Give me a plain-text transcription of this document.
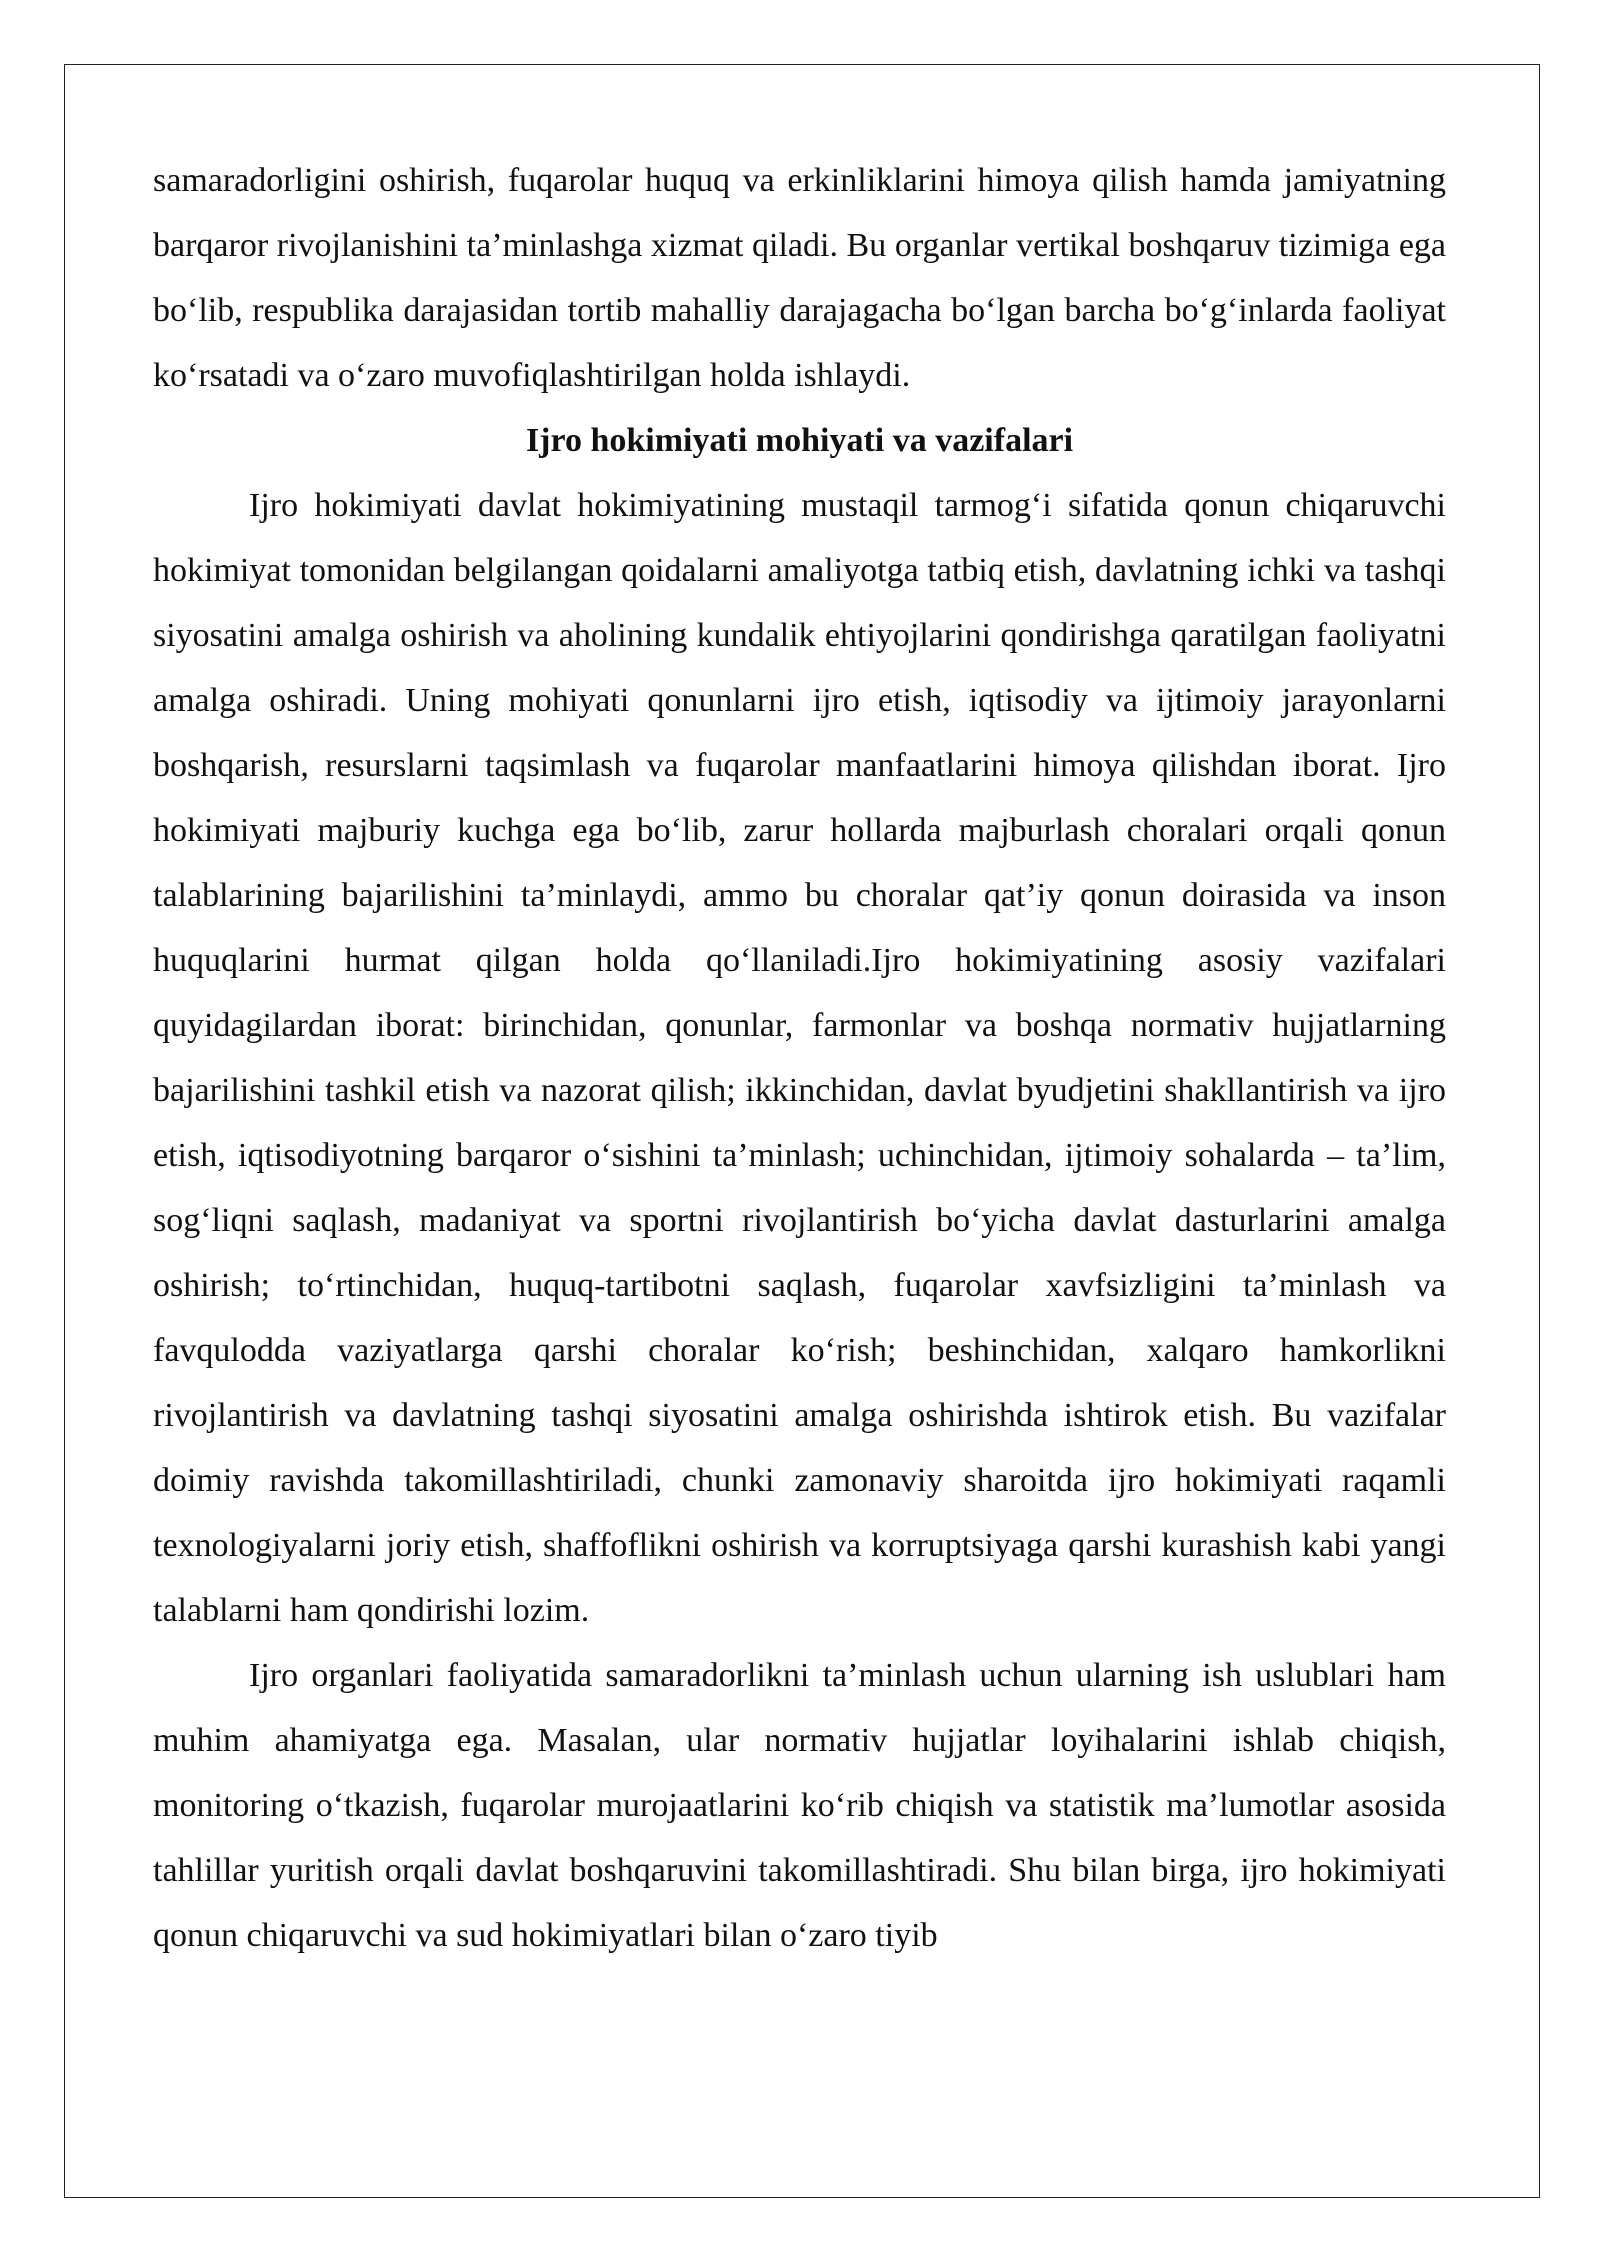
samaradorligini oshirish, fuqarolar huquq va erkinliklarini himoya qilish hamda jamiyatning barqaror rivojlanishini ta’minlashga xizmat qiladi. Bu organlar vertikal boshqaruv tizimiga ega bo‘lib, respublika darajasidan tortib mahalliy darajagacha bo‘lgan barcha bo‘g‘inlarda faoliyat ko‘rsatadi va o‘zaro muvofiqlashtirilgan holda ishlaydi.

Ijro hokimiyati mohiyati va vazifalari

Ijro hokimiyati davlat hokimiyatining mustaqil tarmog‘i sifatida qonun chiqaruvchi hokimiyat tomonidan belgilangan qoidalarni amaliyotga tatbiq etish, davlatning ichki va tashqi siyosatini amalga oshirish va aholining kundalik ehtiyojlarini qondirishga qaratilgan faoliyatni amalga oshiradi. Uning mohiyati qonunlarni ijro etish, iqtisodiy va ijtimoiy jarayonlarni boshqarish, resurslarni taqsimlash va fuqarolar manfaatlarini himoya qilishdan iborat. Ijro hokimiyati majburiy kuchga ega bo‘lib, zarur hollarda majburlash choralari orqali qonun talablarining bajarilishini ta’minlaydi, ammo bu choralar qat’iy qonun doirasida va inson huquqlarini hurmat qilgan holda qo‘llaniladi.Ijro hokimiyatining asosiy vazifalari quyidagilardan iborat: birinchidan, qonunlar, farmonlar va boshqa normativ hujjatlarning bajarilishini tashkil etish va nazorat qilish; ikkinchidan, davlat byudjetini shakllantirish va ijro etish, iqtisodiyotning barqaror o‘sishini ta’minlash; uchinchidan, ijtimoiy sohalarda – ta’lim, sog‘liqni saqlash, madaniyat va sportni rivojlantirish bo‘yicha davlat dasturlarini amalga oshirish; to‘rtinchidan, huquq-tartibotni saqlash, fuqarolar xavfsizligini ta’minlash va favqulodda vaziyatlarga qarshi choralar ko‘rish; beshinchidan, xalqaro hamkorlikni rivojlantirish va davlatning tashqi siyosatini amalga oshirishda ishtirok etish. Bu vazifalar doimiy ravishda takomillashtiriladi, chunki zamonaviy sharoitda ijro hokimiyati raqamli texnologiyalarni joriy etish, shaffoflikni oshirish va korruptsiyaga qarshi kurashish kabi yangi talablarni ham qondirishi lozim.

Ijro organlari faoliyatida samaradorlikni ta’minlash uchun ularning ish uslublari ham muhim ahamiyatga ega. Masalan, ular normativ hujjatlar loyihalarini ishlab chiqish, monitoring o‘tkazish, fuqarolar murojaatlarini ko‘rib chiqish va statistik ma’lumotlar asosida tahlillar yuritish orqali davlat boshqaruvini takomillashtiradi. Shu bilan birga, ijro hokimiyati qonun chiqaruvchi va sud hokimiyatlari bilan o‘zaro tiyib
